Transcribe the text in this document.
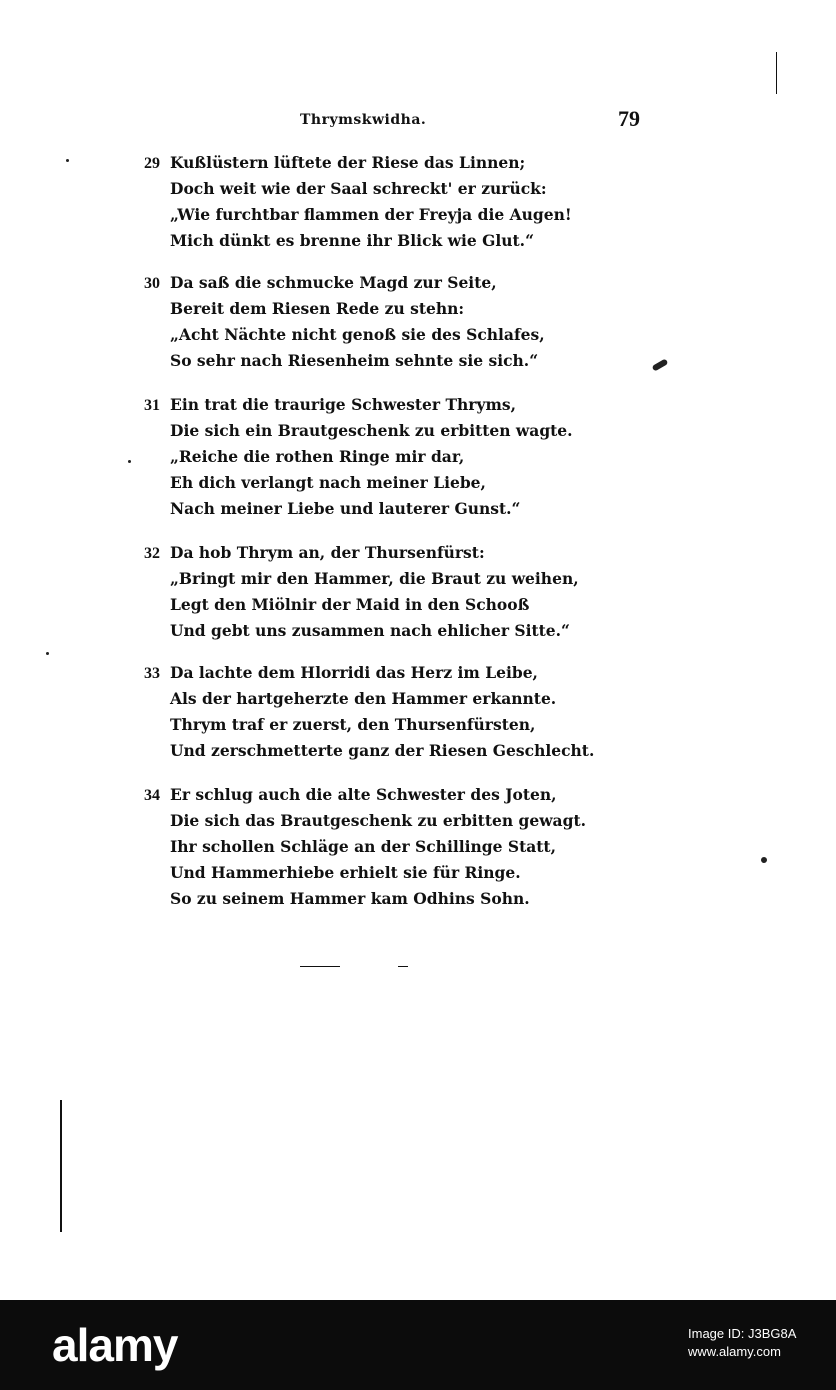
Thrymskwidha.	79
29 Kußlüstern lüftete der Riese das Linnen;
Doch weit wie der Saal schreckt' er zurück:
„Wie furchtbar flammen der Freyja die Augen!
Mich dünkt es brenne ihr Blick wie Glut.“
30 Da saß die schmucke Magd zur Seite,
Bereit dem Riesen Rede zu stehn:
„Acht Nächte nicht genoß sie des Schlafes,
So sehr nach Riesenheim sehnte sie sich.“
31 Ein trat die traurige Schwester Thryms,
Die sich ein Brautgeschenk zu erbitten wagte.
„Reiche die rothen Ringe mir dar,
Eh dich verlangt nach meiner Liebe,
Nach meiner Liebe und lauterer Gunst.“
32 Da hob Thrym an, der Thursenfürst:
„Bringt mir den Hammer, die Braut zu weihen,
Legt den Miölnir der Maid in den Schooß
Und gebt uns zusammen nach ehlicher Sitte.“
33 Da lachte dem Hlorridi das Herz im Leibe,
Als der hartgeherzte den Hammer erkannte.
Thrym traf er zuerst, den Thursenfürsten,
Und zerschmetterte ganz der Riesen Geschlecht.
34 Er schlug auch die alte Schwester des Joten,
Die sich das Brautgeschenk zu erbitten gewagt.
Ihr schollen Schläge an der Schillinge Statt,
Und Hammerhiebe erhielt sie für Ringe.
So zu seinem Hammer kam Odhins Sohn.
alamy	Image ID: J3BG8A
www.alamy.com
